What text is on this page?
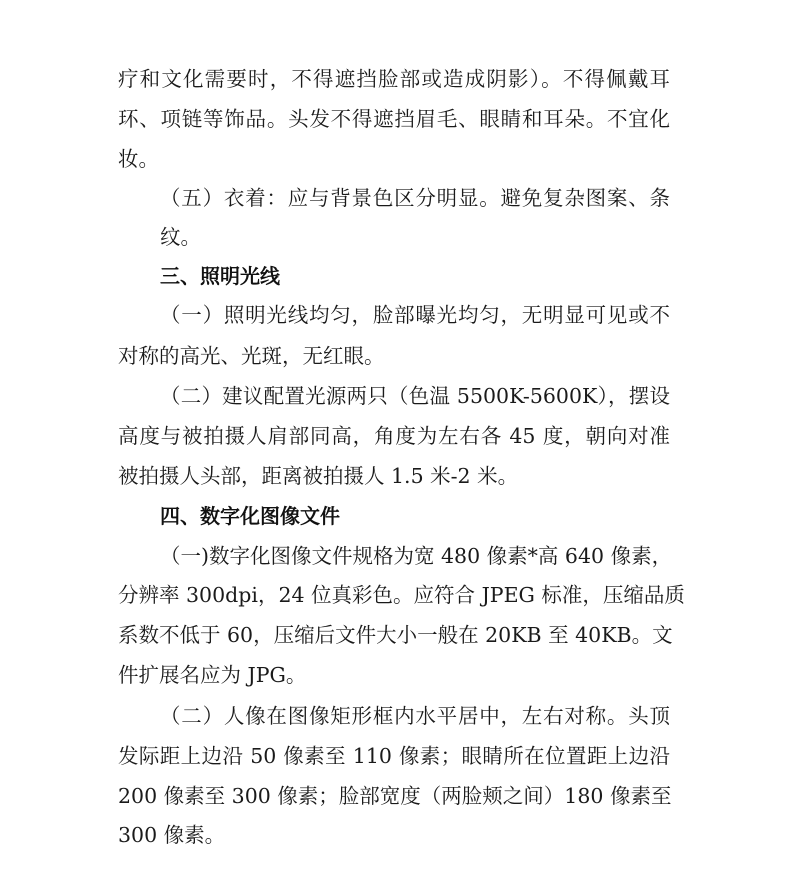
疗和文化需要时，不得遮挡脸部或造成阴影）。不得佩戴耳
环、项链等饰品。头发不得遮挡眉毛、眼睛和耳朵。不宜化
妆。
（五）衣着：应与背景色区分明显。避免复杂图案、条
纹。
三、照明光线
（一）照明光线均匀，脸部曝光均匀，无明显可见或不
对称的高光、光斑，无红眼。
（二）建议配置光源两只（色温 5500K-5600K），摆设
高度与被拍摄人肩部同高，角度为左右各 45 度，朝向对准
被拍摄人头部，距离被拍摄人 1.5 米-2 米。
四、数字化图像文件
（一)数字化图像文件规格为宽 480 像素*高 640 像素，
分辨率 300dpi，24 位真彩色。应符合 JPEG 标准，压缩品质
系数不低于 60，压缩后文件大小一般在 20KB 至 40KB。文
件扩展名应为 JPG。
（二）人像在图像矩形框内水平居中，左右对称。头顶
发际距上边沿 50 像素至 110 像素；眼睛所在位置距上边沿
200 像素至 300 像素；脸部宽度（两脸颊之间）180 像素至
300 像素。
